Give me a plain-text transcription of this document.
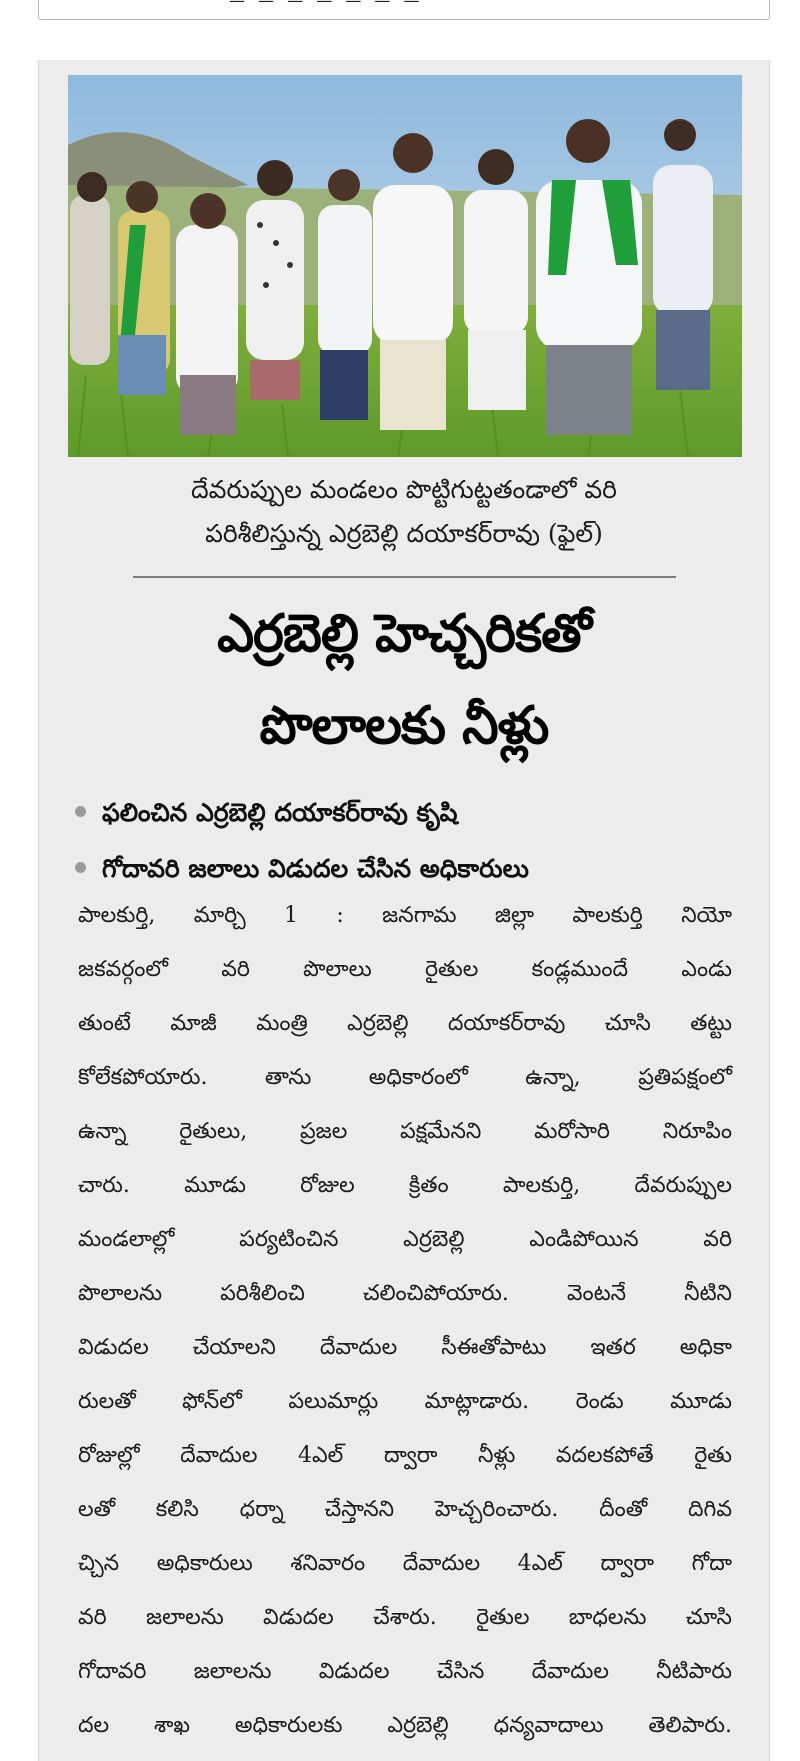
— — — — — — —
దేవరుప్పుల మండలం పొట్టిగుట్టతండాలో వరి
పరిశీలిస్తున్న ఎర్రబెల్లి దయాకర్‌రావు (ఫైల్)
ఎర్రబెల్లి హెచ్చరికతో
పొలాలకు నీళ్లు
ఫలించిన ఎర్రబెల్లి దయాకర్‌రావు కృషి
గోదావరి జలాలు విడుదల చేసిన అధికారులు
పాలకుర్తి, మార్చి 1 : జనగామ జిల్లా పాలకుర్తి నియో
జకవర్గంలో వరి పొలాలు రైతుల కండ్లముందే ఎండు
తుంటే మాజీ మంత్రి ఎర్రబెల్లి దయాకర్‌రావు చూసి తట్టు
కోలేకపోయారు. తాను అధికారంలో ఉన్నా, ప్రతిపక్షంలో
ఉన్నా రైతులు, ప్రజల పక్షమేనని మరోసారి నిరూపిం
చారు. మూడు రోజుల క్రితం పాలకుర్తి, దేవరుప్పుల
మండలాల్లో పర్యటించిన ఎర్రబెల్లి ఎండిపోయిన వరి
పొలాలను పరిశీలించి చలించిపోయారు. వెంటనే నీటిని
విడుదల చేయాలని దేవాదుల సీఈతోపాటు ఇతర అధికా
రులతో ఫోన్‌లో పలుమార్లు మాట్లాడారు. రెండు మూడు
రోజుల్లో దేవాదుల 4ఎల్ ద్వారా నీళ్లు వదలకపోతే రైతు
లతో కలిసి ధర్నా చేస్తానని హెచ్చరించారు. దీంతో దిగివ
చ్చిన అధికారులు శనివారం దేవాదుల 4ఎల్ ద్వారా గోదా
వరి జలాలను విడుదల చేశారు. రైతుల బాధలను చూసి
గోదావరి జలాలను విడుదల చేసిన దేవాదుల నీటిపారు
దల శాఖ అధికారులకు ఎర్రబెల్లి ధన్యవాదాలు తెలిపారు.
